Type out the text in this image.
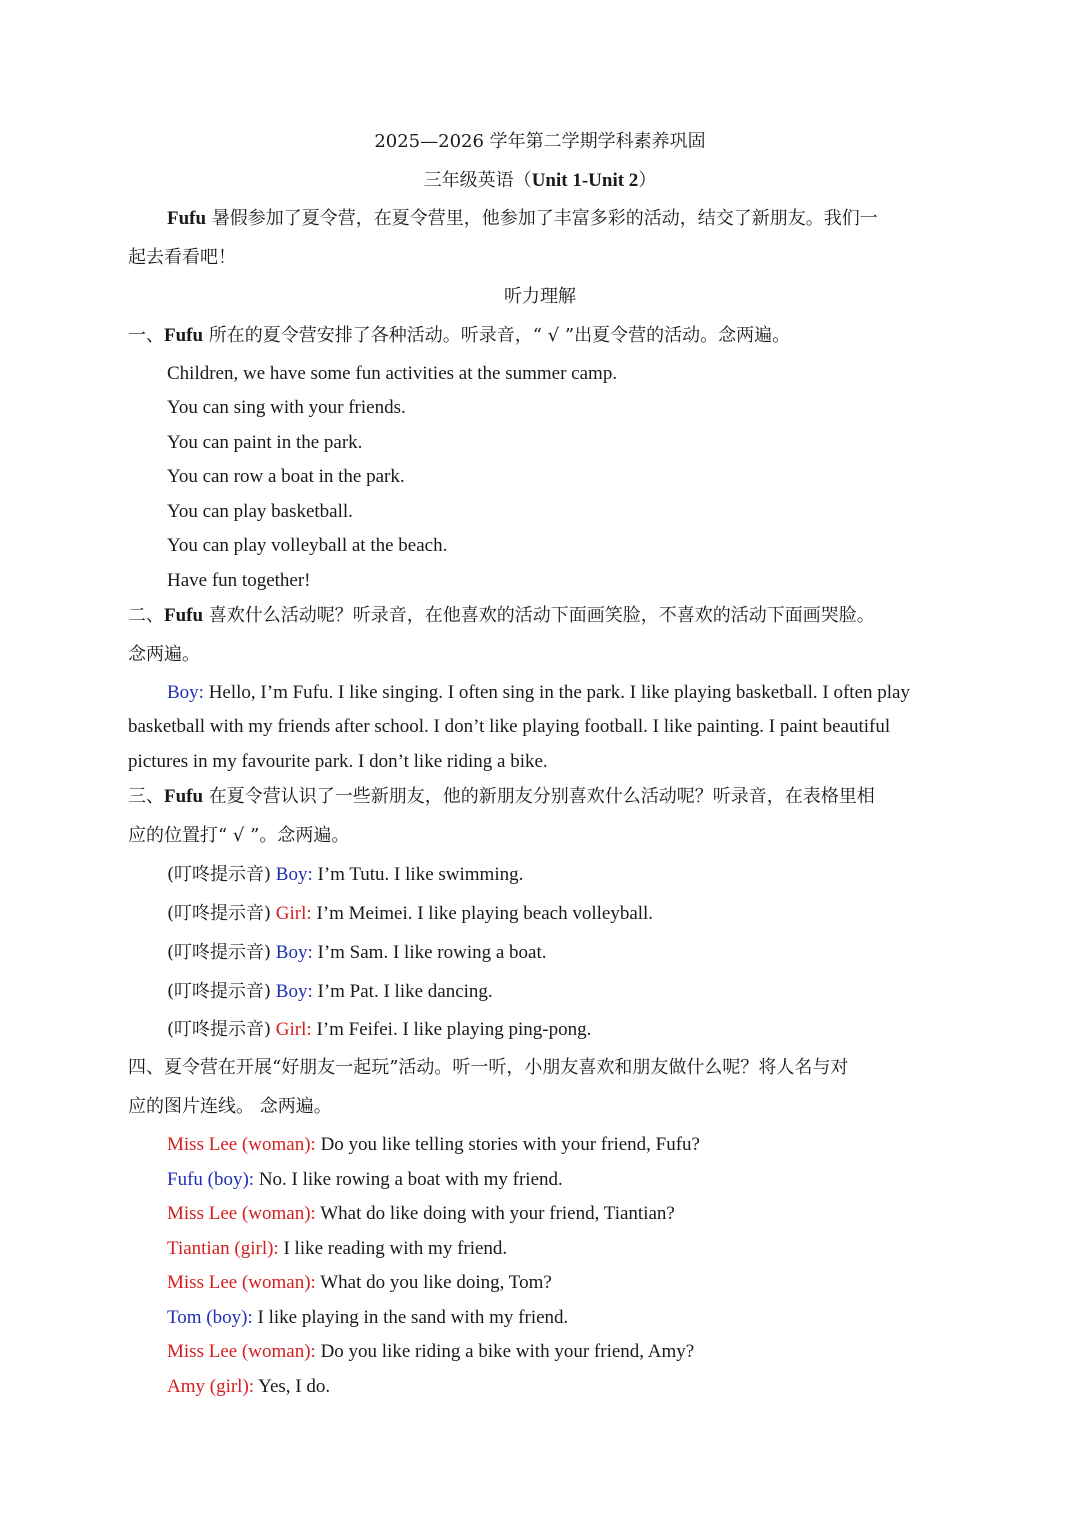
2025—2026 学年第二学期学科素养巩固
三年级英语（Unit 1-Unit 2）
Fufu 暑假参加了夏令营，在夏令营里，他参加了丰富多彩的活动，结交了新朋友。我们一
起去看看吧！
听力理解
一、Fufu 所在的夏令营安排了各种活动。听录音，“ √ ”出夏令营的活动。念两遍。
Children, we have some fun activities at the summer camp.
You can sing with your friends.
You can paint in the park.
You can row a boat in the park.
You can play basketball.
You can play volleyball at the beach.
Have fun together!
二、Fufu 喜欢什么活动呢？听录音，在他喜欢的活动下面画笑脸，不喜欢的活动下面画哭脸。
念两遍。
Boy: Hello, I’m Fufu. I like singing. I often sing in the park. I like playing basketball. I often play
basketball with my friends after school. I don’t like playing football. I like painting. I paint beautiful
pictures in my favourite park. I don’t like riding a bike.
三、Fufu 在夏令营认识了一些新朋友，他的新朋友分别喜欢什么活动呢？听录音，在表格里相
应的位置打“ √ ”。念两遍。
(叮咚提示音) Boy: I’m Tutu. I like swimming.
(叮咚提示音) Girl: I’m Meimei. I like playing beach volleyball.
(叮咚提示音) Boy: I’m Sam. I like rowing a boat.
(叮咚提示音) Boy: I’m Pat. I like dancing.
(叮咚提示音) Girl: I’m Feifei. I like playing ping-pong.
四、夏令营在开展“好朋友一起玩”活动。听一听，小朋友喜欢和朋友做什么呢？将人名与对
应的图片连线。 念两遍。
Miss Lee (woman): Do you like telling stories with your friend, Fufu?
Fufu (boy): No. I like rowing a boat with my friend.
Miss Lee (woman): What do like doing with your friend, Tiantian?
Tiantian (girl): I like reading with my friend.
Miss Lee (woman): What do you like doing, Tom?
Tom (boy): I like playing in the sand with my friend.
Miss Lee (woman): Do you like riding a bike with your friend, Amy?
Amy (girl): Yes, I do.
